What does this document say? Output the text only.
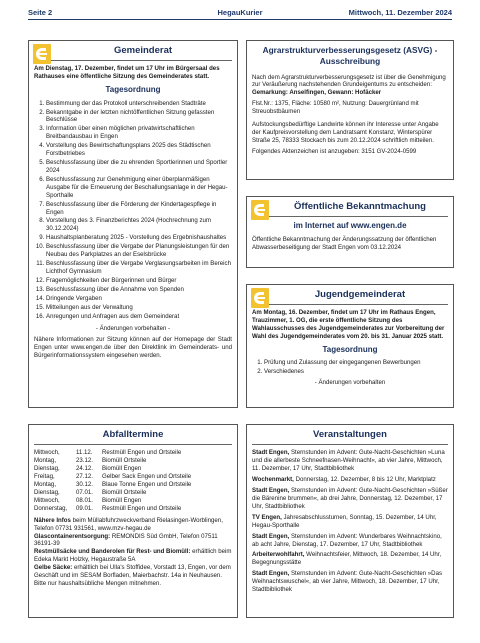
Seite 2	HegauKurier	Mittwoch, 11. Dezember 2024
Gemeinderat

Am Dienstag, 17. Dezember, findet um 17 Uhr im Bürgersaal des Rathauses eine öffentliche Sitzung des Gemeinderates statt.

Tagesordnung
1. Bestimmung der das Protokoll unterschreibenden Stadträte
2. Bekanntgabe in der letzten nichtöffentlichen Sitzung gefassten Beschlüsse
3. Information über einen möglichen privatwirtschaftlichen Breitbandausbau in Engen
4. Vorstellung des Bewirtschaftungsplans 2025 des Städtischen Forstbetriebes
5. Beschlussfassung über die zu ehrenden Sportlerinnen und Sportler 2024
6. Beschlussfassung zur Genehmigung einer überplanmäßigen Ausgabe für die Erneuerung der Beschallungsanlage in der Hegau-Sporthalle
7. Beschlussfassung über die Förderung der Kindertagespflege in Engen
8. Vorstellung des 3. Finanzberichtes 2024 (Hochrechnung zum 30.12.2024)
9. Haushaltsplanberatung 2025 - Vorstellung des Ergebnishaushaltes
10. Beschlussfassung über die Vergabe der Planungsleistungen für den Neubau des Parkplatzes an der Eselsbrücke
11. Beschlussfassung über die Vergabe Verglasungsarbeiten im Bereich Lichthof Gymnasium
12. Fragemöglichkeiten der Bürgerinnen und Bürger
13. Beschlussfassung über die Annahme von Spenden
14. Dringende Vergaben
15. Mitteilungen aus der Verwaltung
16. Anregungen und Anfragen aus dem Gemeinderat

- Änderungen vorbehalten -

Nähere Informationen zur Sitzung können auf der Homepage der Stadt Engen unter www.engen.de über den Direktlink im Gemeinderats- und Bürgerinformationssystem eingesehen werden.

Agrarstrukturverbesserungsgesetz (ASVG) - Ausschreibung

Nach dem Agrarstrukturverbesserungsgesetz ist über die Genehmigung zur Veräußerung nachstehenden Grundeigentums zu entscheiden:

Gemarkung: Anselfingen, Gewann: Hofäcker

Flst.Nr.: 1375, Fläche: 10580 m², Nutzung: Dauergrünland mit Streuobstbäumen

Aufstockungsbedürftige Landwirte können ihr Interesse unter Angabe der Kaufpreisvorstellung dem Landratsamt Konstanz, Winterspürer Straße 25, 78333 Stockach bis zum 20.12.2024 schriftlich mitteilen.

Folgendes Aktenzeichen ist anzugeben: 3151 GV-2024-0599

Öffentliche Bekanntmachung
im Internet auf www.engen.de

Öffentliche Bekanntmachung der Änderungssatzung der öffentlichen Abwasserbeseitigung der Stadt Engen vom 03.12.2024

Jugendgemeinderat

Am Montag, 16. Dezember, findet um 17 Uhr im Rathaus Engen, Trauzimmer, 1. OG, die erste öffentliche Sitzung des Wahlausschusses des Jugendgemeinderates zur Vorbereitung der Wahl des Jugendgemeinderates vom 20. bis 31. Januar 2025 statt.

Tagesordnung
1. Prüfung und Zulassung der eingegangenen Bewerbungen
2. Verschiedenes

- Änderungen vorbehalten

Abfalltermine
Mittwoch,	11.12.	Restmüll Engen und Ortsteile
Montag,	23.12.	Biomüll Ortsteile
Dienstag,	24.12.	Biomüll Engen
Freitag,	27.12.	Gelber Sack Engen und Ortsteile
Montag,	30.12.	Blaue Tonne Engen und Ortsteile
Dienstag,	07.01.	Biomüll Ortsteile
Mittwoch,	08.01.	Biomüll Engen
Donnerstag,	09.01.	Restmüll Engen und Ortsteile
Nähere Infos beim Müllabfuhrzweckverband Rielasingen-Worblingen, Telefon 07731 931561, www.mzv-hegau.de
Glascontainerentsorgung: REMONDIS Süd GmbH, Telefon 07511 36191-39
Restmüllsäcke und Banderolen für Rest- und Biomüll: erhältlich beim Edeka Markt Holzky, Hegaustraße 5A
Gelbe Säcke: erhältlich bei Ulla's Stoffidee, Vorstadt 13, Engen, vor dem Geschäft und im SESAM Borfladen, Maierbachstr. 14a in Neuhausen. Bitte nur haushaltsübliche Mengen mitnehmen.
Veranstaltungen

Stadt Engen, Sternstunden im Advent: Gute-Nacht-Geschichten »Luna und die allerbeste Schneefnasen-Weihnacht«, ab vier Jahre, Mittwoch, 11. Dezember, 17 Uhr, Stadtbibliothek

Wochenmarkt, Donnerstag, 12. Dezember, 8 bis 12 Uhr, Marktplatz

Stadt Engen, Sternstunden im Advent: Gute-Nacht-Geschichten »Süßer die Bärenine brummen«, ab drei Jahre, Donnerstag, 12. Dezember, 17 Uhr, Stadtbibliothek

TV Engen, Jahresabschlussturnen, Sonntag, 15. Dezember, 14 Uhr, Hegau-Sporthalle

Stadt Engen, Sternstunden im Advent: Wunderbares Weihnachtskino, ab acht Jahre, Dienstag, 17. Dezember, 17 Uhr, Stadtbibliothek

Arbeiterwohlfahrt, Weihnachtsfeier, Mittwoch, 18. Dezember, 14 Uhr, Begegnungsstätte

Stadt Engen, Sternstunden im Advent: Gute-Nacht-Geschichten »Das Weihnachtswuschel«, ab vier Jahre, Mittwoch, 18. Dezember, 17 Uhr, Stadtbibliothek
